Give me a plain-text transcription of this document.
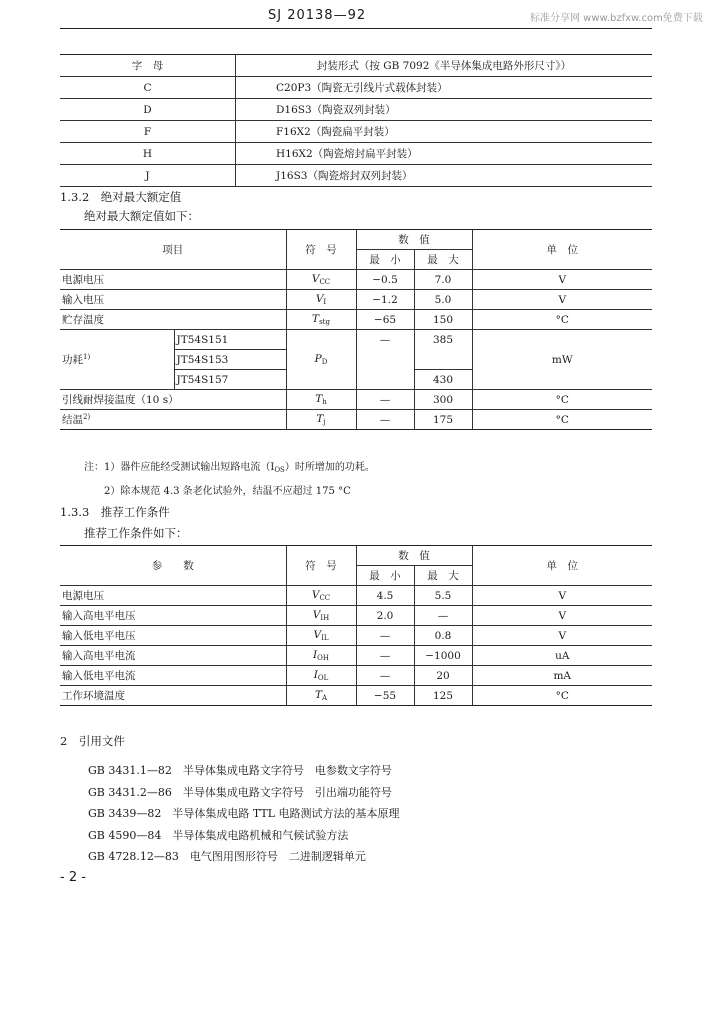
SJ 20138—92	标准分享网 www.bzfxw.com免费下载
字　母	封装形式（按 GB 7092《半导体集成电路外形尺寸》）
C	C20P3（陶瓷无引线片式载体封装）
D	D16S3（陶瓷双列封装）
F	F16X2（陶瓷扁平封装）
H	H16X2（陶瓷熔封扁平封装）
J	J16S3（陶瓷熔封双列封装）
1.3.2　绝对最大额定值
绝对最大额定值如下：
项目		符　号	数　值		单　位
			最　小	最　大	
电源电压		$V_{CC}$	−0.5	7.0	V
输入电压		$V_I$	−1.2	5.0	V
贮存温度		$T_{stg}$	−65	150	°C
功耗$^{1)}$	JT54S151	$P_D$	—	385	mW
	JT54S153				
	JT54S157			430	
引线耐焊接温度（10 s）		$T_h$	—	300	°C
结温$^{2)}$		$T_j$	—	175	°C
注：1）器件应能经受测试输出短路电流$(I_{OS})$时所增加的功耗。
2）除本规范 4.3 条老化试验外，结温不应超过 175 °C
1.3.3　推荐工作条件
推荐工作条件如下：
参　　数	符　号	数　值		单　位
		最　小	最　大	
电源电压	$V_{CC}$	4.5	5.5	V
输入高电平电压	$V_{IH}$	2.0	—	V
输入低电平电压	$V_{IL}$	—	0.8	V
输入高电平电流	$I_{OH}$	—	−1000	uA
输入低电平电流	$I_{OL}$	—	20	mA
工作环境温度	$T_A$	−55	125	°C
2　引用文件
GB 3431.1—82　半导体集成电路文字符号　电参数文字符号
GB 3431.2—86　半导体集成电路文字符号　引出端功能符号
GB 3439—82　半导体集成电路 TTL 电路测试方法的基本原理
GB 4590—84　半导体集成电路机械和气候试验方法
GB 4728.12—83　电气图用图形符号　二进制逻辑单元
- 2 -
